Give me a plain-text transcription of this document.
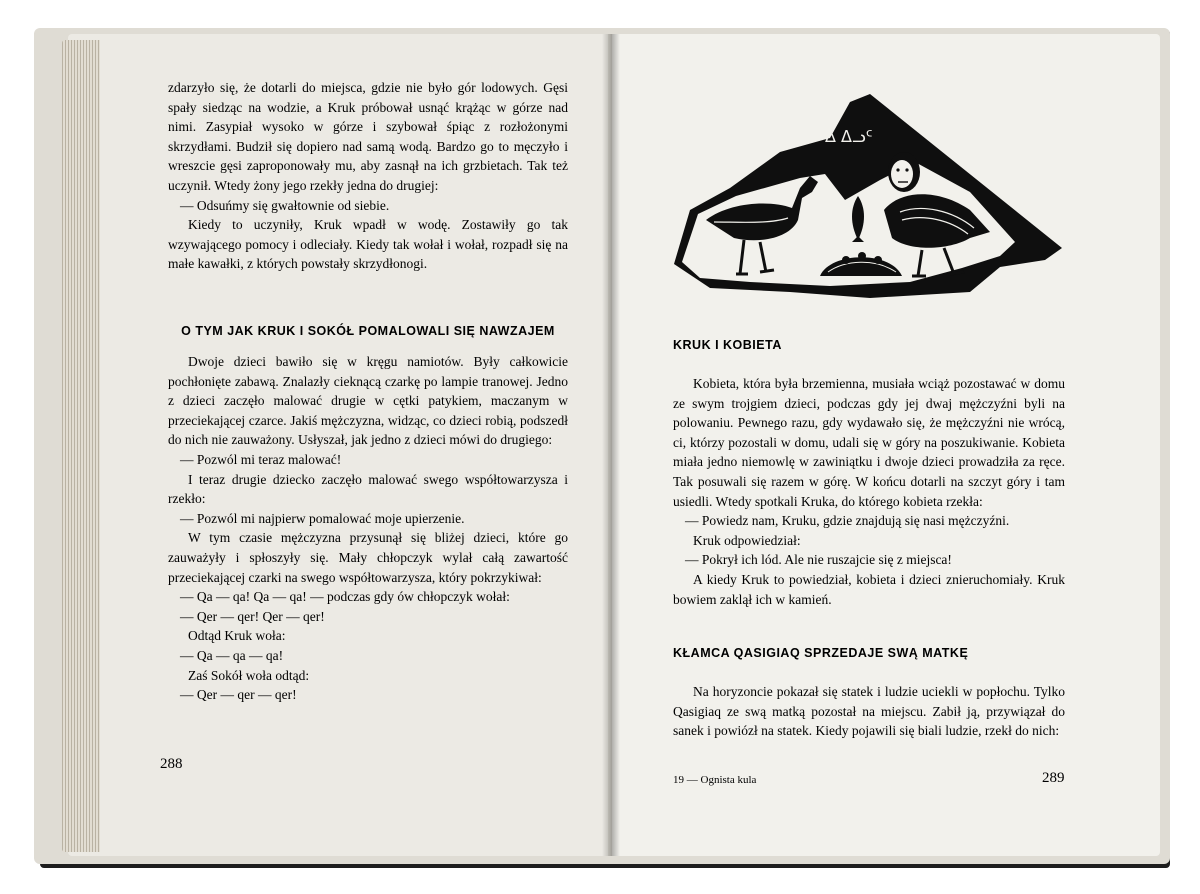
zdarzyło się, że dotarli do miejsca, gdzie nie było gór lodowych. Gęsi spały siedząc na wodzie, a Kruk próbował usnąć krążąc w górze nad nimi. Zasypiał wysoko w górze i szybował śpiąc z rozłożonymi skrzydłami. Budził się dopiero nad samą wodą. Bardzo go to męczyło i wreszcie gęsi zaproponowały mu, aby zasnął na ich grzbietach. Tak też uczynił. Wtedy żony jego rzekły jedna do drugiej:

— Odsuńmy się gwałtownie od siebie.

Kiedy to uczyniły, Kruk wpadł w wodę. Zostawiły go tak wzywającego pomocy i odleciały. Kiedy tak wołał i wołał, rozpadł się na małe kawałki, z których powstały skrzydłonogi.

O TYM JAK KRUK I SOKÓŁ POMALOWALI SIĘ NAWZAJEM

Dwoje dzieci bawiło się w kręgu namiotów. Były całkowicie pochłonięte zabawą. Znalazły cieknącą czarkę po lampie tranowej. Jedno z dzieci zaczęło malować drugie w cętki patykiem, maczanym w przeciekającej czarce. Jakiś mężczyzna, widząc, co dzieci robią, podszedł do nich nie zauważony. Usłyszał, jak jedno z dzieci mówi do drugiego:

— Pozwól mi teraz malować!

I teraz drugie dziecko zaczęło malować swego współtowarzysza i rzekło:

— Pozwól mi najpierw pomalować moje upierzenie.

W tym czasie mężczyzna przysunął się bliżej dzieci, które go zauważyły i spłoszyły się. Mały chłopczyk wylał całą zawartość przeciekającej czarki na swego współtowarzysza, który pokrzykiwał:

— Qa — qa! Qa — qa! — podczas gdy ów chłopczyk wołał:

— Qer — qer! Qer — qer!

Odtąd Kruk woła:

— Qa — qa — qa!

Zaś Sokół woła odtąd:

— Qer — qer — qer!

288
Δ ᐃᓗᑦ
KRUK I KOBIETA

Kobieta, która była brzemienna, musiała wciąż pozostawać w domu ze swym trojgiem dzieci, podczas gdy jej dwaj mężczyźni byli na polowaniu. Pewnego razu, gdy wydawało się, że mężczyźni nie wrócą, ci, którzy pozostali w domu, udali się w góry na poszukiwanie. Kobieta miała jedno niemowlę w zawiniątku i dwoje dzieci prowadziła za ręce. Tak posuwali się razem w górę. W końcu dotarli na szczyt góry i tam usiedli. Wtedy spotkali Kruka, do którego kobieta rzekła:

— Powiedz nam, Kruku, gdzie znajdują się nasi mężczyźni.

Kruk odpowiedział:

— Pokrył ich lód. Ale nie ruszajcie się z miejsca!

A kiedy Kruk to powiedział, kobieta i dzieci znieruchomiały. Kruk bowiem zaklął ich w kamień.

KŁAMCA QASIGIAQ SPRZEDAJE SWĄ MATKĘ

Na horyzoncie pokazał się statek i ludzie uciekli w popłochu. Tylko Qasigiaq ze swą matką pozostał na miejscu. Zabił ją, przywiązał do sanek i powiózł na statek. Kiedy pojawili się biali ludzie, rzekł do nich:

19 — Ognista kula	289
